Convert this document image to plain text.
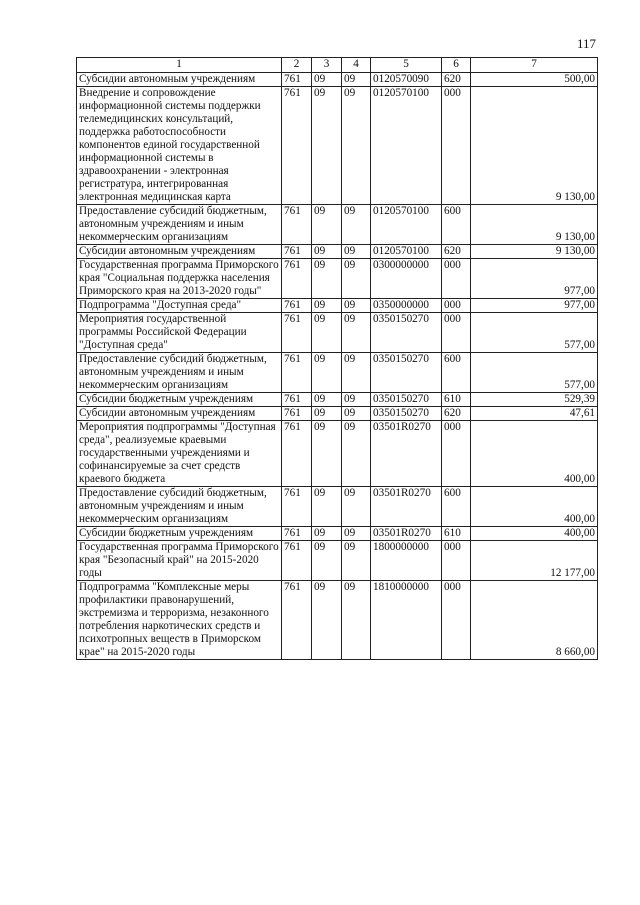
117
1	2	3	4	5	6	7
Субсидии автономным учреждениям	761	09	09	0120570090	620	500,00
Внедрение и сопровождение информационной системы поддержки телемедицинских консультаций, поддержка работоспособности компонентов единой государственной информационной системы в здравоохранении - электронная регистратура, интегрированная электронная медицинская карта	761	09	09	0120570100	000	9 130,00
Предоставление субсидий бюджетным, автономным учреждениям и иным некоммерческим организациям	761	09	09	0120570100	600	9 130,00
Субсидии автономным учреждениям	761	09	09	0120570100	620	9 130,00
Государственная программа Приморского края "Социальная поддержка населения Приморского края на 2013-2020 годы"	761	09	09	0300000000	000	977,00
Подпрограмма "Доступная среда"	761	09	09	0350000000	000	977,00
Мероприятия государственной программы Российской Федерации "Доступная среда"	761	09	09	0350150270	000	577,00
Предоставление субсидий бюджетным, автономным учреждениям и иным некоммерческим организациям	761	09	09	0350150270	600	577,00
Субсидии бюджетным учреждениям	761	09	09	0350150270	610	529,39
Субсидии автономным учреждениям	761	09	09	0350150270	620	47,61
Мероприятия подпрограммы "Доступная среда", реализуемые краевыми государственными учреждениями и софинансируемые за счет средств краевого бюджета	761	09	09	03501R0270	000	400,00
Предоставление субсидий бюджетным, автономным учреждениям и иным некоммерческим организациям	761	09	09	03501R0270	600	400,00
Субсидии бюджетным учреждениям	761	09	09	03501R0270	610	400,00
Государственная программа Приморского края "Безопасный край" на 2015-2020 годы	761	09	09	1800000000	000	12 177,00
Подпрограмма "Комплексные меры профилактики правонарушений, экстремизма и терроризма, незаконного потребления наркотических средств и психотропных веществ в Приморском крае" на 2015-2020 годы	761	09	09	1810000000	000	8 660,00
